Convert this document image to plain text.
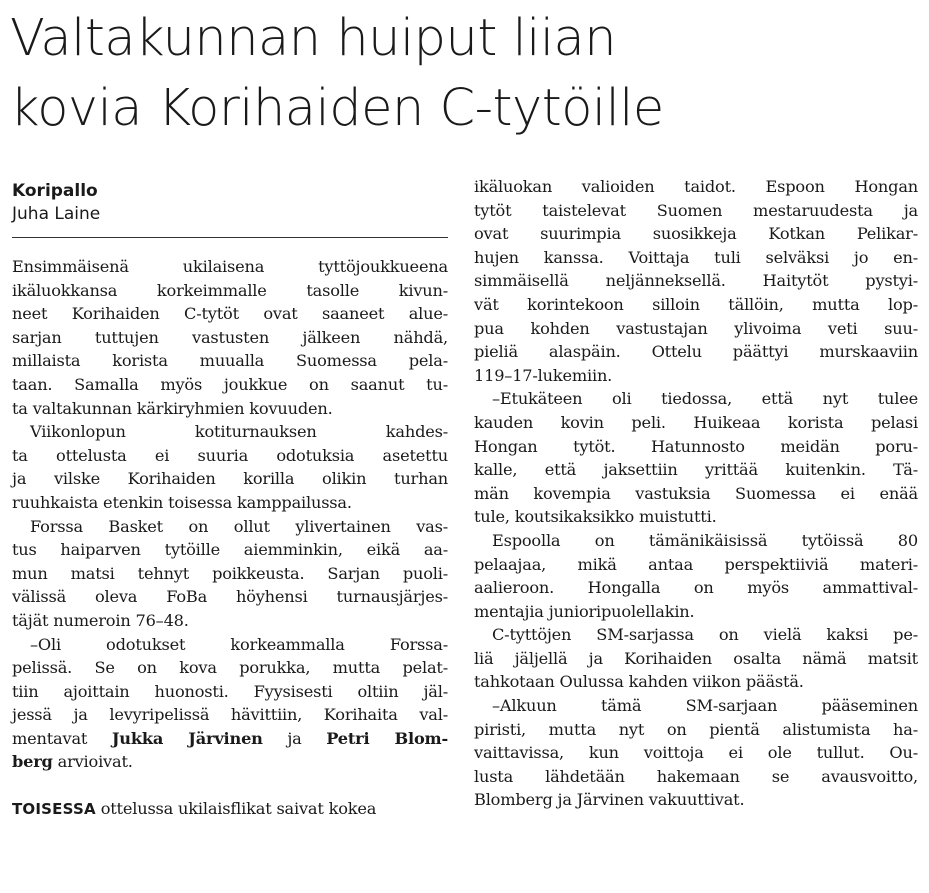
Valtakunnan huiput liian
kovia Korihaiden C-tytöille
Koripallo
Juha Laine
Ensimmäisenä ukilaisena tyttöjoukkueena
ikäluokkansa korkeimmalle tasolle kivun-
neet Korihaiden C-tytöt ovat saaneet alue-
sarjan tuttujen vastusten jälkeen nähdä,
millaista korista muualla Suomessa pela-
taan. Samalla myös joukkue on saanut tu-
ta valtakunnan kärkiryhmien kovuuden.
Viikonlopun kotiturnauksen kahdes-
ta ottelusta ei suuria odotuksia asetettu
ja vilske Korihaiden korilla olikin turhan
ruuhkaista etenkin toisessa kamppailussa.
Forssa Basket on ollut ylivertainen vas-
tus haiparven tytöille aiemminkin, eikä aa-
mun matsi tehnyt poikkeusta. Sarjan puoli-
välissä oleva FoBa höyhensi turnausjärjes-
täjät numeroin 76–48.
–Oli odotukset korkeammalla Forssa-
pelissä. Se on kova porukka, mutta pelat-
tiin ajoittain huonosti. Fyysisesti oltiin jäl-
jessä ja levyripelissä hävittiin, Korihaita val-
mentavat Jukka Järvinen ja Petri Blom-
berg arvioivat.
TOISESSA ottelussa ukilaisflikat saivat kokea
ikäluokan valioiden taidot. Espoon Hongan
tytöt taistelevat Suomen mestaruudesta ja
ovat suurimpia suosikkeja Kotkan Pelikar-
hujen kanssa. Voittaja tuli selväksi jo en-
simmäisellä neljänneksellä. Haitytöt pystyi-
vät korintekoon silloin tällöin, mutta lop-
pua kohden vastustajan ylivoima veti suu-
pieliä alaspäin. Ottelu päättyi murskaaviin
119–17-lukemiin.
–Etukäteen oli tiedossa, että nyt tulee
kauden kovin peli. Huikeaa korista pelasi
Hongan tytöt. Hatunnosto meidän poru-
kalle, että jaksettiin yrittää kuitenkin. Tä-
män kovempia vastuksia Suomessa ei enää
tule, koutsikaksikko muistutti.
Espoolla on tämänikäisissä tytöissä 80
pelaajaa, mikä antaa perspektiiviä materi-
aalieroon. Hongalla on myös ammattival-
mentajia junioripuolellakin.
C-tyttöjen SM-sarjassa on vielä kaksi pe-
liä jäljellä ja Korihaiden osalta nämä matsit
tahkotaan Oulussa kahden viikon päästä.
–Alkuun tämä SM-sarjaan pääseminen
piristi, mutta nyt on pientä alistumista ha-
vaittavissa, kun voittoja ei ole tullut. Ou-
lusta lähdetään hakemaan se avausvoitto,
Blomberg ja Järvinen vakuuttivat.
